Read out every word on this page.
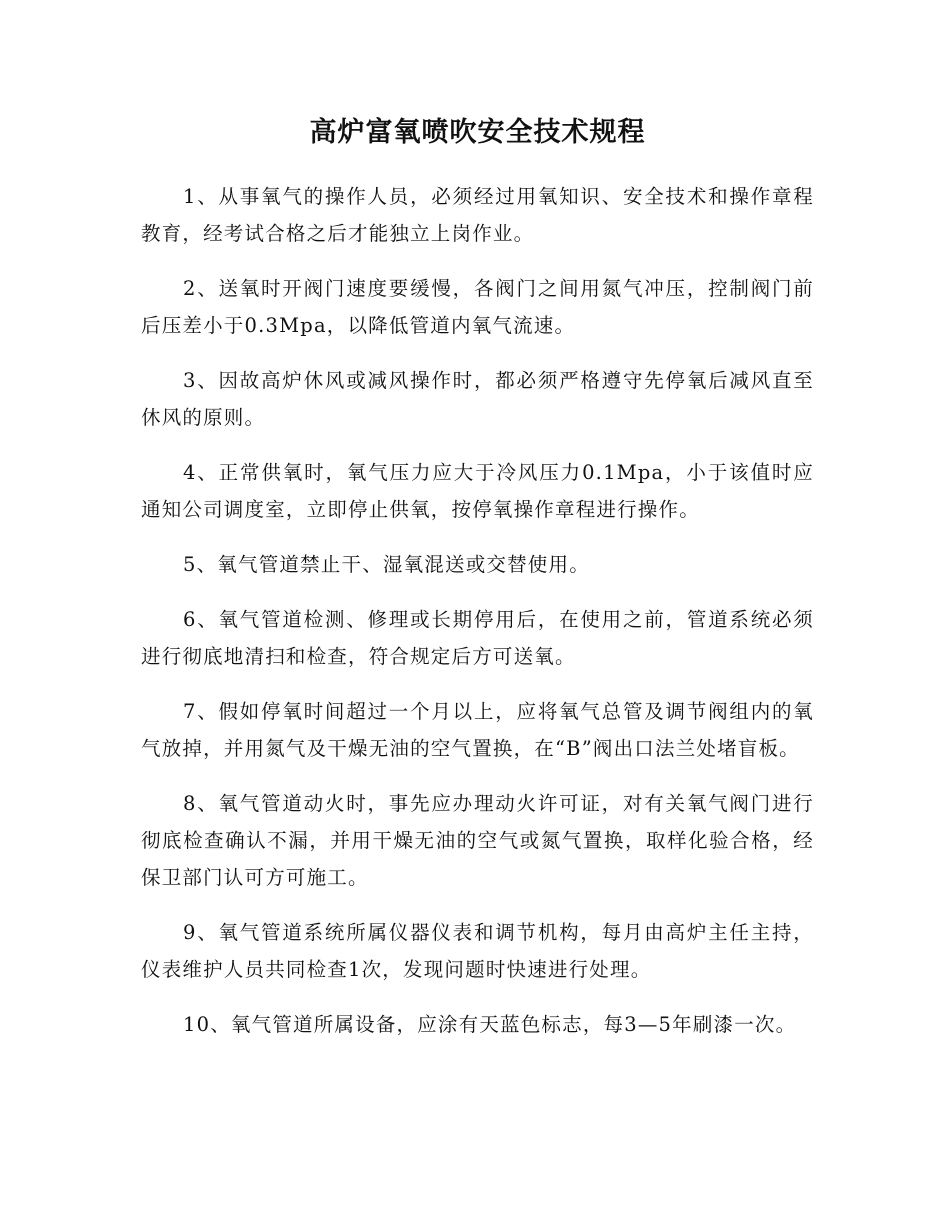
高炉富氧喷吹安全技术规程

1、从事氧气的操作人员，必须经过用氧知识、安全技术和操作章程教育，经考试合格之后才能独立上岗作业。

2、送氧时开阀门速度要缓慢，各阀门之间用氮气冲压，控制阀门前后压差小于0.3Mpa，以降低管道内氧气流速。

3、因故高炉休风或减风操作时，都必须严格遵守先停氧后减风直至休风的原则。

4、正常供氧时，氧气压力应大于冷风压力0.1Mpa，小于该值时应通知公司调度室，立即停止供氧，按停氧操作章程进行操作。

5、氧气管道禁止干、湿氧混送或交替使用。

6、氧气管道检测、修理或长期停用后，在使用之前，管道系统必须进行彻底地清扫和检查，符合规定后方可送氧。

7、假如停氧时间超过一个月以上，应将氧气总管及调节阀组内的氧气放掉，并用氮气及干燥无油的空气置换，在“B”阀出口法兰处堵盲板。

8、氧气管道动火时，事先应办理动火许可证，对有关氧气阀门进行彻底检查确认不漏，并用干燥无油的空气或氮气置换，取样化验合格，经保卫部门认可方可施工。

9、氧气管道系统所属仪器仪表和调节机构，每月由高炉主任主持，仪表维护人员共同检查1次，发现问题时快速进行处理。

10、氧气管道所属设备，应涂有天蓝色标志，每3—5年刷漆一次。
